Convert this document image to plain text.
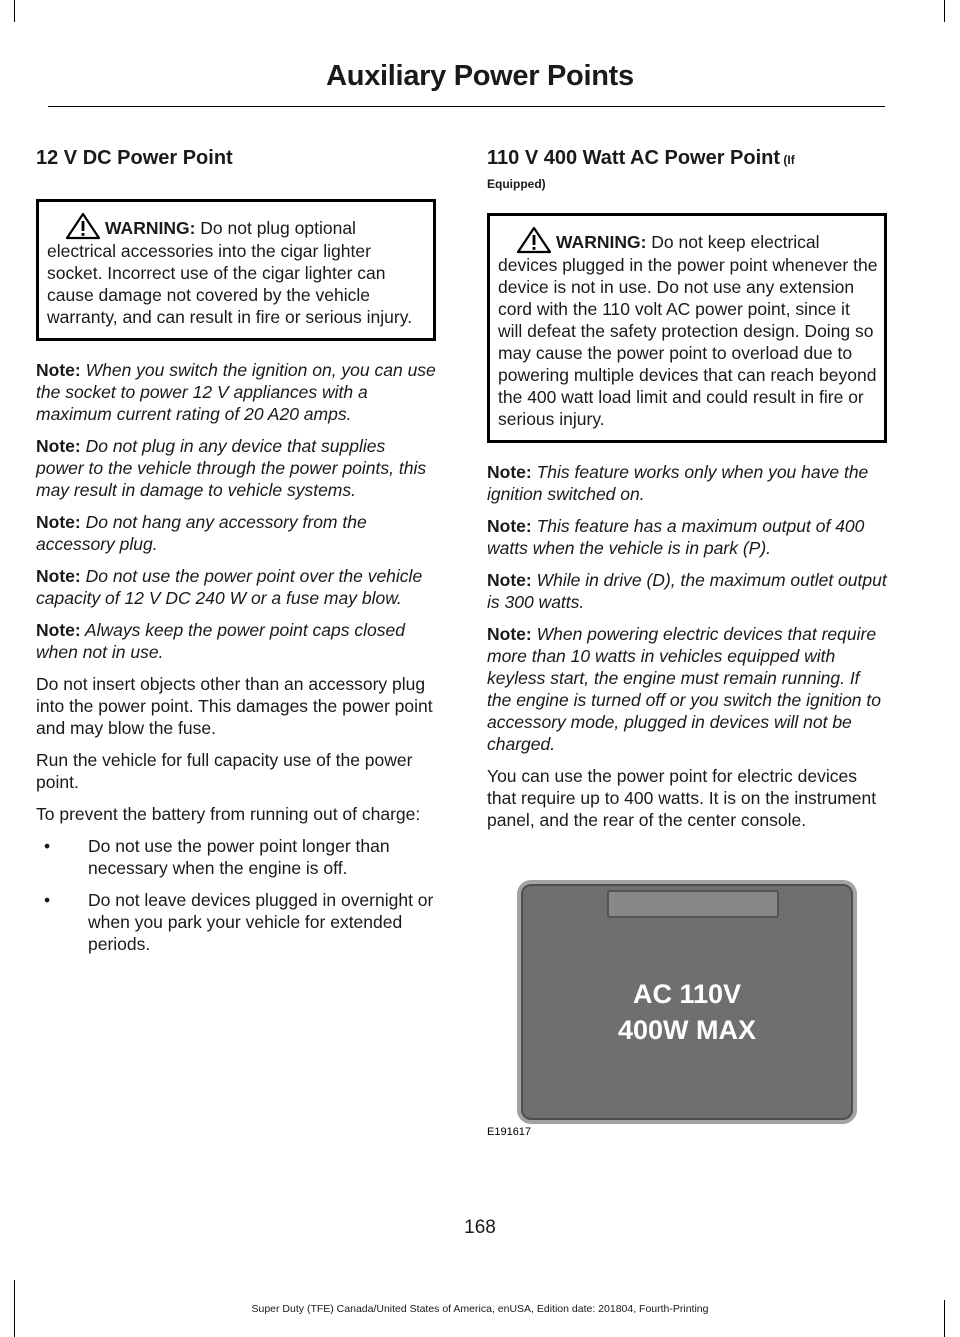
Auxiliary Power Points
12 V DC Power Point
WARNING: Do not plug optional electrical accessories into the cigar lighter socket. Incorrect use of the cigar lighter can cause damage not covered by the vehicle warranty, and can result in fire or serious injury.

Note: When you switch the ignition on, you can use the socket to power 12 V appliances with a maximum current rating of 20 A20 amps.

Note: Do not plug in any device that supplies power to the vehicle through the power points, this may result in damage to vehicle systems.

Note: Do not hang any accessory from the accessory plug.

Note: Do not use the power point over the vehicle capacity of 12 V DC 240 W or a fuse may blow.

Note: Always keep the power point caps closed when not in use.

Do not insert objects other than an accessory plug into the power point. This damages the power point and may blow the fuse.

Run the vehicle for full capacity use of the power point.

To prevent the battery from running out of charge:

• Do not use the power point longer than necessary when the engine is off.
• Do not leave devices plugged in overnight or when you park your vehicle for extended periods.
110 V 400 Watt AC Power Point (If
Equipped)
WARNING: Do not keep electrical devices plugged in the power point whenever the device is not in use. Do not use any extension cord with the 110 volt AC power point, since it will defeat the safety protection design. Doing so may cause the power point to overload due to powering multiple devices that can reach beyond the 400 watt load limit and could result in fire or serious injury.

Note: This feature works only when you have the ignition switched on.

Note: This feature has a maximum output of 400 watts when the vehicle is in park (P).

Note: While in drive (D), the maximum outlet output is 300 watts.

Note: When powering electric devices that require more than 10 watts in vehicles equipped with keyless start, the engine must remain running. If the engine is turned off or you switch the ignition to accessory mode, plugged in devices will not be charged.

You can use the power point for electric devices that require up to 400 watts. It is on the instrument panel, and the rear of the center console.

AC 110V
400W MAX
E191617
168
Super Duty (TFE) Canada/United States of America, enUSA, Edition date: 201804, Fourth-Printing
